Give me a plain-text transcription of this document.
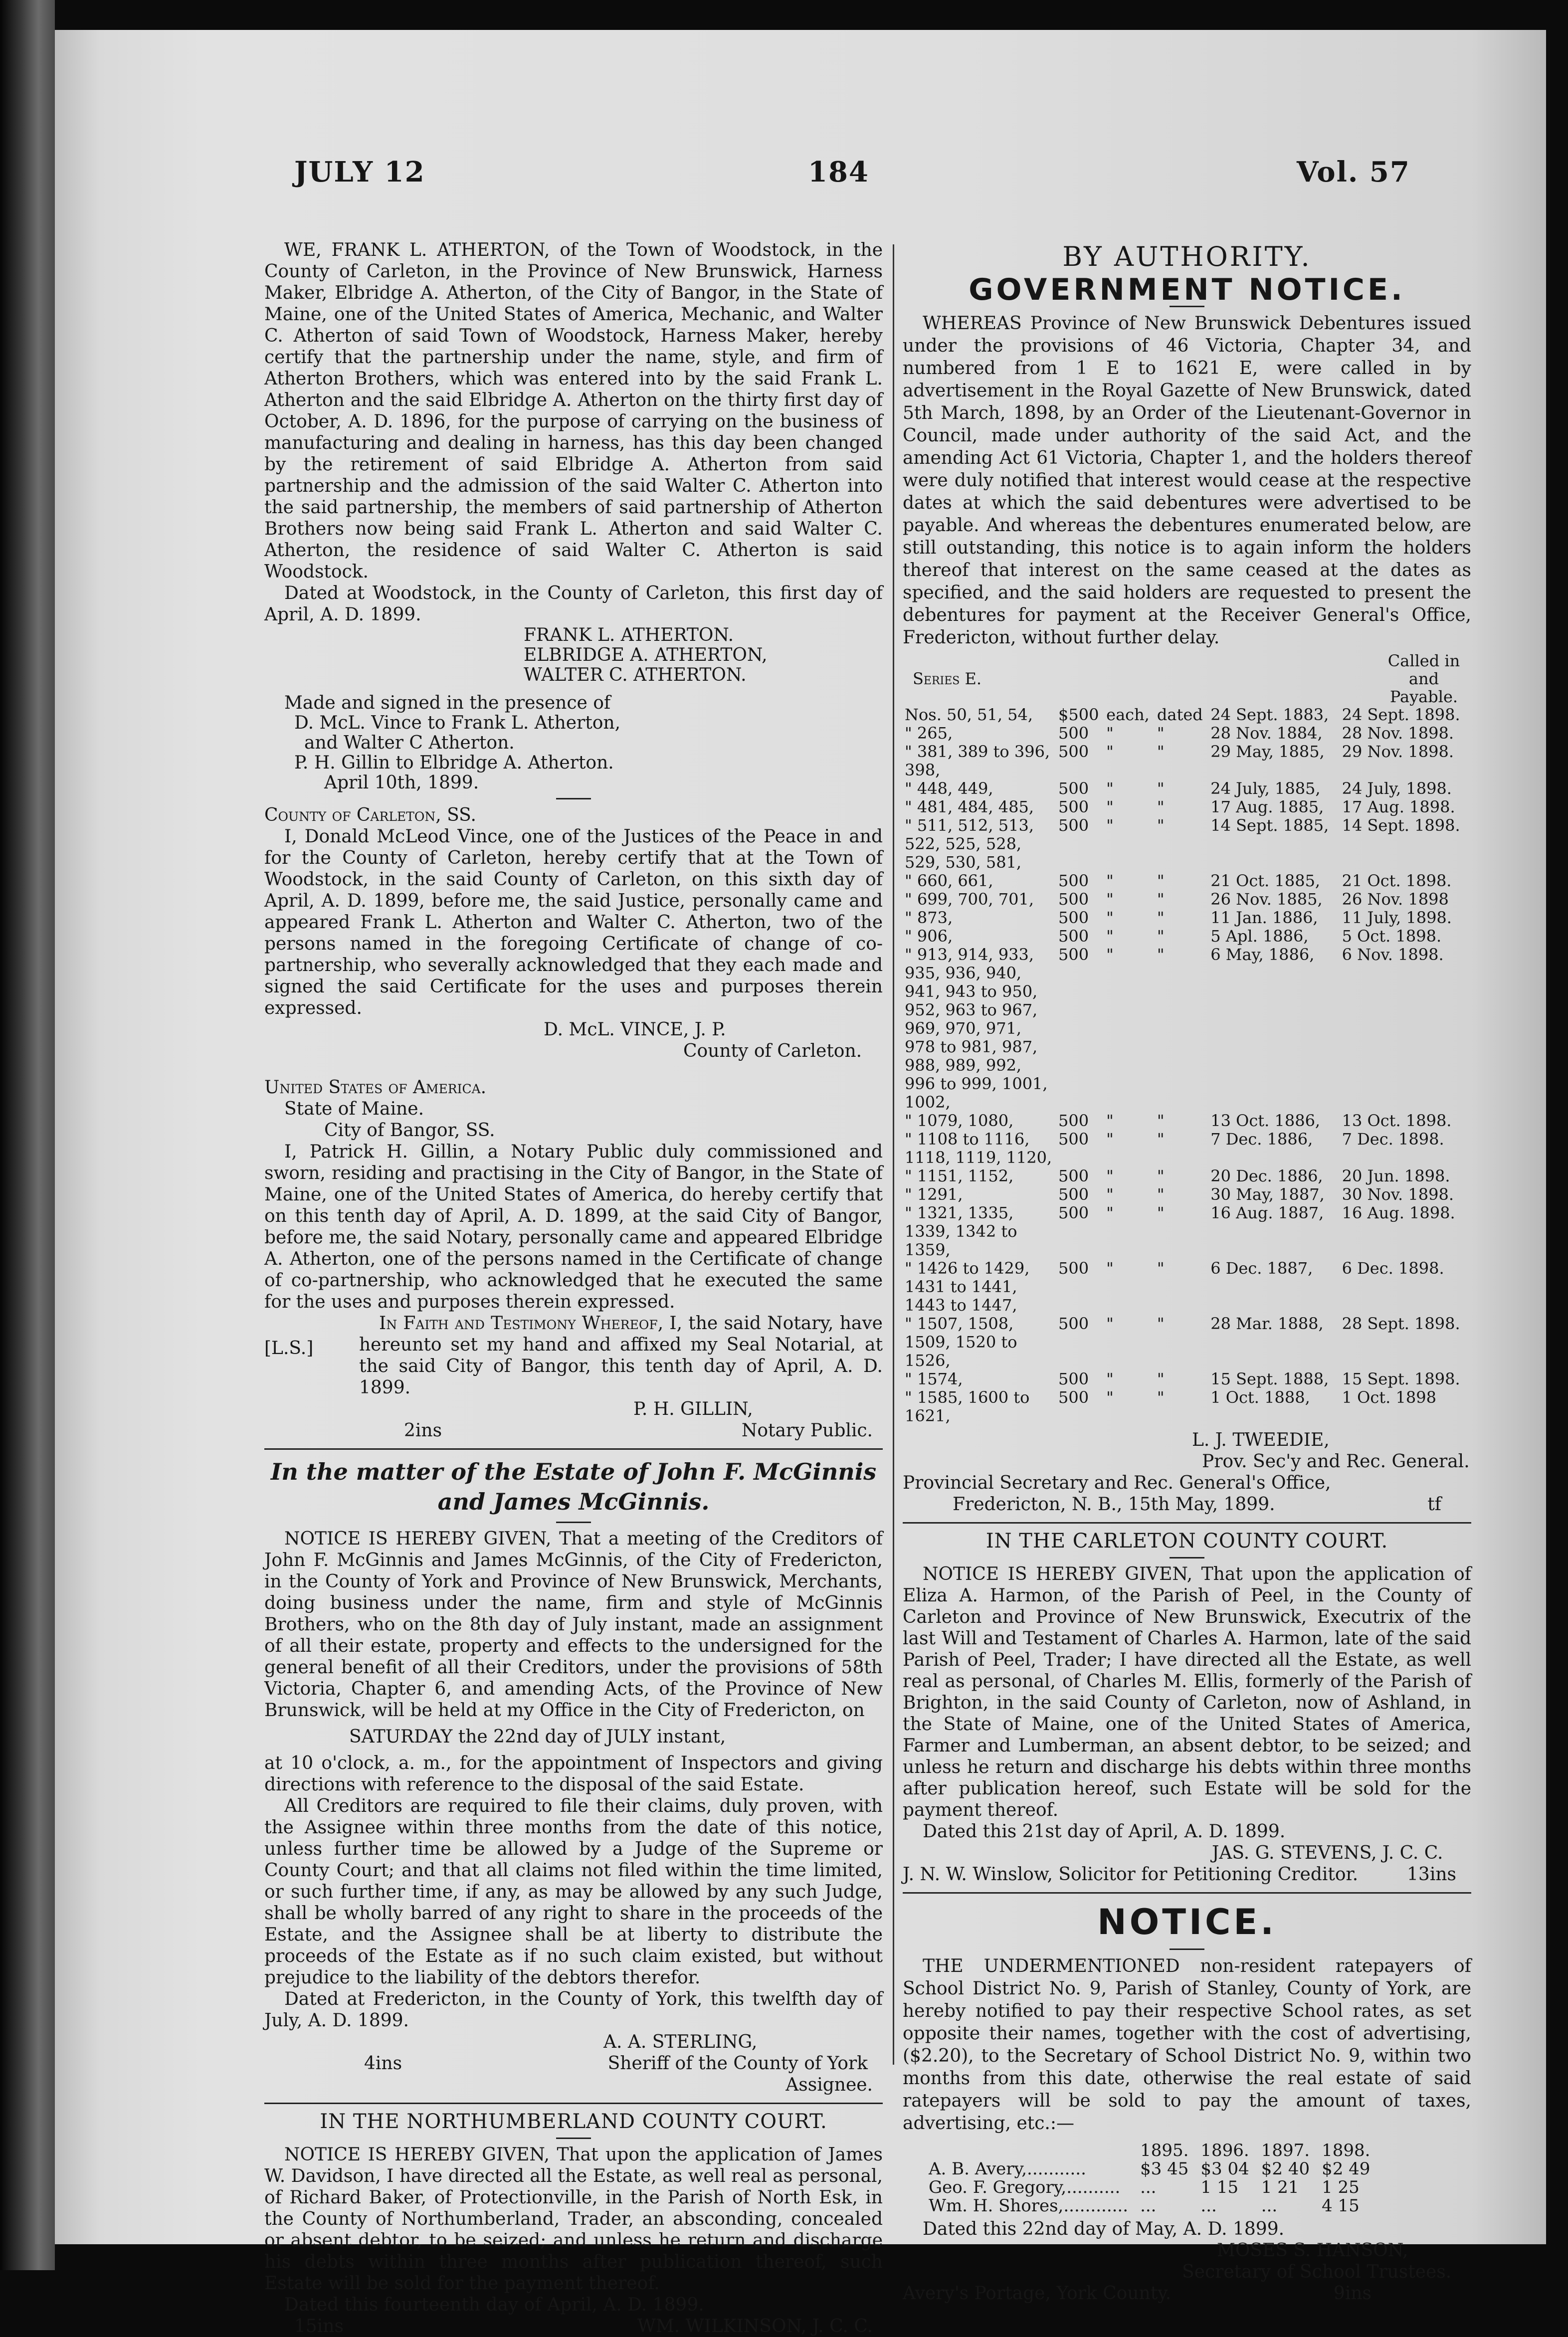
JULY 12	184	Vol. 57

WE, FRANK L. ATHERTON, of the Town of Woodstock, in the County of Carleton, in the Province of New Brunswick, Harness Maker, Elbridge A. Atherton, of the City of Bangor, in the State of Maine, one of the United States of America, Mechanic, and Walter C. Atherton of said Town of Woodstock, Harness Maker, hereby certify that the partnership under the name, style, and firm of Atherton Brothers, which was entered into by the said Frank L. Atherton and the said Elbridge A. Atherton on the thirty first day of October, A. D. 1896, for the purpose of carrying on the business of manufacturing and dealing in harness, has this day been changed by the retirement of said Elbridge A. Atherton from said partnership and the admission of the said Walter C. Atherton into the said partnership, the members of said partnership of Atherton Brothers now being said Frank L. Atherton and said Walter C. Atherton, the residence of said Walter C. Atherton is said Woodstock.

Dated at Woodstock, in the County of Carleton, this first day of April, A. D. 1899.

FRANK L. ATHERTON.
ELBRIDGE A. ATHERTON,
WALTER C. ATHERTON.
Made and signed in the presence of
D. McL. Vince to Frank L. Atherton,
and Walter C Atherton.
P. H. Gillin to Elbridge A. Atherton.
April 10th, 1899.

County of Carleton, SS.

I, Donald McLeod Vince, one of the Justices of the Peace in and for the County of Carleton, hereby certify that at the Town of Woodstock, in the said County of Carleton, on this sixth day of April, A. D. 1899, before me, the said Justice, personally came and appeared Frank L. Atherton and Walter C. Atherton, two of the persons named in the foregoing Certificate of change of co-partnership, who severally acknowledged that they each made and signed the said Certificate for the uses and purposes therein expressed.

D. McL. VINCE, J. P.

County of Carleton.

United States of America.

State of Maine.

City of Bangor, SS.

I, Patrick H. Gillin, a Notary Public duly commissioned and sworn, residing and practising in the City of Bangor, in the State of Maine, one of the United States of America, do hereby certify that on this tenth day of April, A. D. 1899, at the said City of Bangor, before me, the said Notary, personally came and appeared Elbridge A. Atherton, one of the persons named in the Certificate of change of co-partnership, who acknowledged that he executed the same for the uses and purposes therein expressed.

[L.S.]

In Faith and Testimony Whereof, I, the said Notary, have hereunto set my hand and affixed my Seal Notarial, at the said City of Bangor, this tenth day of April, A. D. 1899.

P. H. GILLIN,

2ins	Notary Public.

In the matter of the Estate of John F. McGinnis

and James McGinnis.

NOTICE IS HEREBY GIVEN, That a meeting of the Creditors of John F. McGinnis and James McGinnis, of the City of Fredericton, in the County of York and Province of New Brunswick, Merchants, doing business under the name, firm and style of McGinnis Brothers, who on the 8th day of July instant, made an assignment of all their estate, property and effects to the undersigned for the general benefit of all their Creditors, under the provisions of 58th Victoria, Chapter 6, and amending Acts, of the Province of New Brunswick, will be held at my Office in the City of Fredericton, on

SATURDAY the 22nd day of JULY instant,

at 10 o'clock, a. m., for the appointment of Inspectors and giving directions with reference to the disposal of the said Estate.

All Creditors are required to file their claims, duly proven, with the Assignee within three months from the date of this notice, unless further time be allowed by a Judge of the Supreme or County Court; and that all claims not filed within the time limited, or such further time, if any, as may be allowed by any such Judge, shall be wholly barred of any right to share in the proceeds of the Estate, and the Assignee shall be at liberty to distribute the proceeds of the Estate as if no such claim existed, but without prejudice to the liability of the debtors therefor.

Dated at Fredericton, in the County of York, this twelfth day of July, A. D. 1899.

A. A. STERLING,

4ins	Sheriff of the County of York

Assignee.

IN THE NORTHUMBERLAND COUNTY COURT.

NOTICE IS HEREBY GIVEN, That upon the application of James W. Davidson, I have directed all the Estate, as well real as personal, of Richard Baker, of Protectionville, in the Parish of North Esk, in the County of Northumberland, Trader, an absconding, concealed or absent debtor, to be seized; and unless he return and discharge his debts within three months after publication thereof, such Estate will be sold for the payment thereof.

Dated this fourteenth day of April, A. D. 1899.

15ins	WM. WILKINSON, J. C. C.

BY AUTHORITY.

GOVERNMENT NOTICE.

WHEREAS Province of New Brunswick Debentures issued under the provisions of 46 Victoria, Chapter 34, and numbered from 1 E to 1621 E, were called in by advertisement in the Royal Gazette of New Brunswick, dated 5th March, 1898, by an Order of the Lieutenant-Governor in Council, made under authority of the said Act, and the amending Act 61 Victoria, Chapter 1, and the holders thereof were duly notified that interest would cease at the respective dates at which the said debentures were advertised to be payable. And whereas the debentures enumerated below, are still outstanding, this notice is to again inform the holders thereof that interest on the same ceased at the dates as specified, and the said holders are requested to present the debentures for payment at the Receiver General's Office, Fredericton, without further delay.

Series E.
Called in and Payable.
Nos. 50, 51, 54,	$500	each,	dated	24 Sept. 1883,	24 Sept. 1898.
" 265,	500	"	"	28 Nov. 1884,	28 Nov. 1898.
" 381, 389 to 396, 398,	500	"	"	29 May, 1885,	29 Nov. 1898.
" 448, 449,	500	"	"	24 July, 1885,	24 July, 1898.
" 481, 484, 485,	500	"	"	17 Aug. 1885,	17 Aug. 1898.
" 511, 512, 513, 522, 525, 528, 529, 530, 581,	500	"	"	14 Sept. 1885,	14 Sept. 1898.
" 660, 661,	500	"	"	21 Oct. 1885,	21 Oct. 1898.
" 699, 700, 701,	500	"	"	26 Nov. 1885,	26 Nov. 1898
" 873,	500	"	"	11 Jan. 1886,	11 July, 1898.
" 906,	500	"	"	5 Apl. 1886,	5 Oct. 1898.
" 913, 914, 933, 935, 936, 940, 941, 943 to 950, 952, 963 to 967, 969, 970, 971, 978 to 981, 987, 988, 989, 992, 996 to 999, 1001, 1002,	500	"	"	6 May, 1886,	6 Nov. 1898.
" 1079, 1080,	500	"	"	13 Oct. 1886,	13 Oct. 1898.
" 1108 to 1116, 1118, 1119, 1120,	500	"	"	7 Dec. 1886,	7 Dec. 1898.
" 1151, 1152,	500	"	"	20 Dec. 1886,	20 Jun. 1898.
" 1291,	500	"	"	30 May, 1887,	30 Nov. 1898.
" 1321, 1335, 1339, 1342 to 1359,	500	"	"	16 Aug. 1887,	16 Aug. 1898.
" 1426 to 1429, 1431 to 1441, 1443 to 1447,	500	"	"	6 Dec. 1887,	6 Dec. 1898.
" 1507, 1508, 1509, 1520 to 1526,	500	"	"	28 Mar. 1888,	28 Sept. 1898.
" 1574,	500	"	"	15 Sept. 1888,	15 Sept. 1898.
" 1585, 1600 to 1621,	500	"	"	1 Oct. 1888,	1 Oct. 1898

L. J. TWEEDIE,

Prov. Sec'y and Rec. General.

Provincial Secretary and Rec. General's Office,

Fredericton, N. B., 15th May, 1899.	tf

IN THE CARLETON COUNTY COURT.

NOTICE IS HEREBY GIVEN, That upon the application of Eliza A. Harmon, of the Parish of Peel, in the County of Carleton and Province of New Brunswick, Executrix of the last Will and Testament of Charles A. Harmon, late of the said Parish of Peel, Trader; I have directed all the Estate, as well real as personal, of Charles M. Ellis, formerly of the Parish of Brighton, in the said County of Carleton, now of Ashland, in the State of Maine, one of the United States of America, Farmer and Lumberman, an absent debtor, to be seized; and unless he return and discharge his debts within three months after publication hereof, such Estate will be sold for the payment thereof.

Dated this 21st day of April, A. D. 1899.

JAS. G. STEVENS, J. C. C.

J. N. W. Winslow, Solicitor for Petitioning Creditor.	13ins

NOTICE.

THE UNDERMENTIONED non-resident ratepayers of School District No. 9, Parish of Stanley, County of York, are hereby notified to pay their respective School rates, as set opposite their names, together with the cost of advertising, ($2.20), to the Secretary of School District No. 9, within two months from this date, otherwise the real estate of said ratepayers will be sold to pay the amount of taxes, advertising, etc.:—

	1895.	1896.	1897.	1898.
A. B. Avery,...........	$3 45	$3 04	$2 40	$2 49
Geo. F. Gregory,..........	...	1 15	1 21	1 25
Wm. H. Shores,............	...	...	...	4 15

Dated this 22nd day of May, A. D. 1899.

MOSES S. HANSON,

Secretary of School Trustees.

Avery's Portage, York County.	9ins
